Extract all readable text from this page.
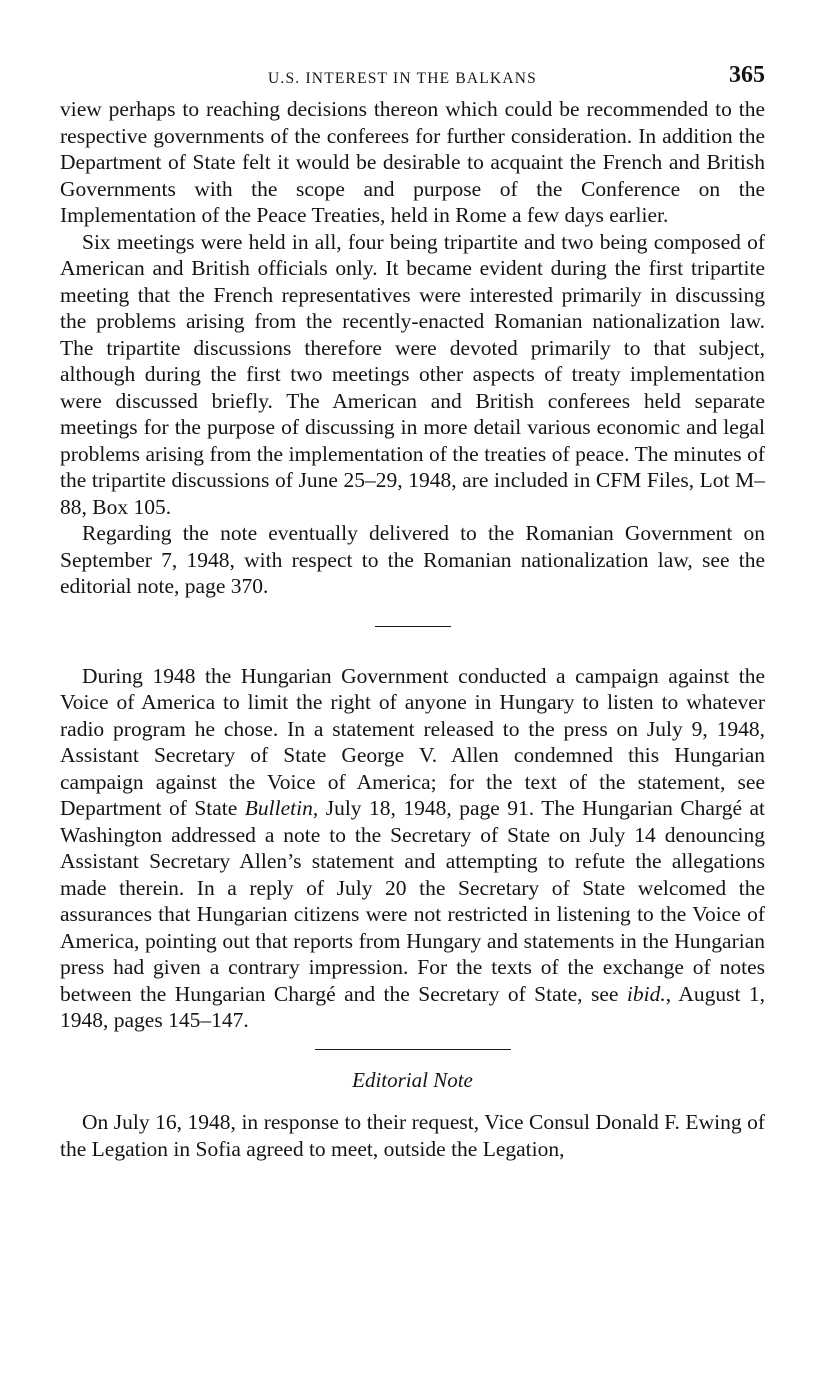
U.S. INTEREST IN THE BALKANS	365

view perhaps to reaching decisions thereon which could be recommended to the respective governments of the conferees for further consideration. In addition the Department of State felt it would be desirable to acquaint the French and British Governments with the scope and purpose of the Conference on the Implementation of the Peace Treaties, held in Rome a few days earlier.

Six meetings were held in all, four being tripartite and two being composed of American and British officials only. It became evident during the first tripartite meeting that the French representatives were interested primarily in discussing the problems arising from the recently-enacted Romanian nationalization law. The tripartite discussions therefore were devoted primarily to that subject, although during the first two meetings other aspects of treaty implementation were discussed briefly. The American and British conferees held separate meetings for the purpose of discussing in more detail various economic and legal problems arising from the implementation of the treaties of peace. The minutes of the tripartite discussions of June 25–29, 1948, are included in CFM Files, Lot M–88, Box 105.

Regarding the note eventually delivered to the Romanian Government on September 7, 1948, with respect to the Romanian nationalization law, see the editorial note, page 370.

During 1948 the Hungarian Government conducted a campaign against the Voice of America to limit the right of anyone in Hungary to listen to whatever radio program he chose. In a statement released to the press on July 9, 1948, Assistant Secretary of State George V. Allen condemned this Hungarian campaign against the Voice of America; for the text of the statement, see Department of State Bulletin, July 18, 1948, page 91. The Hungarian Chargé at Washington addressed a note to the Secretary of State on July 14 denouncing Assistant Secretary Allen’s statement and attempting to refute the allegations made therein. In a reply of July 20 the Secretary of State welcomed the assurances that Hungarian citizens were not restricted in listening to the Voice of America, pointing out that reports from Hungary and statements in the Hungarian press had given a contrary impression. For the texts of the exchange of notes between the Hungarian Chargé and the Secretary of State, see ibid., August 1, 1948, pages 145–147.

Editorial Note

On July 16, 1948, in response to their request, Vice Consul Donald F. Ewing of the Legation in Sofia agreed to meet, outside the Legation,
